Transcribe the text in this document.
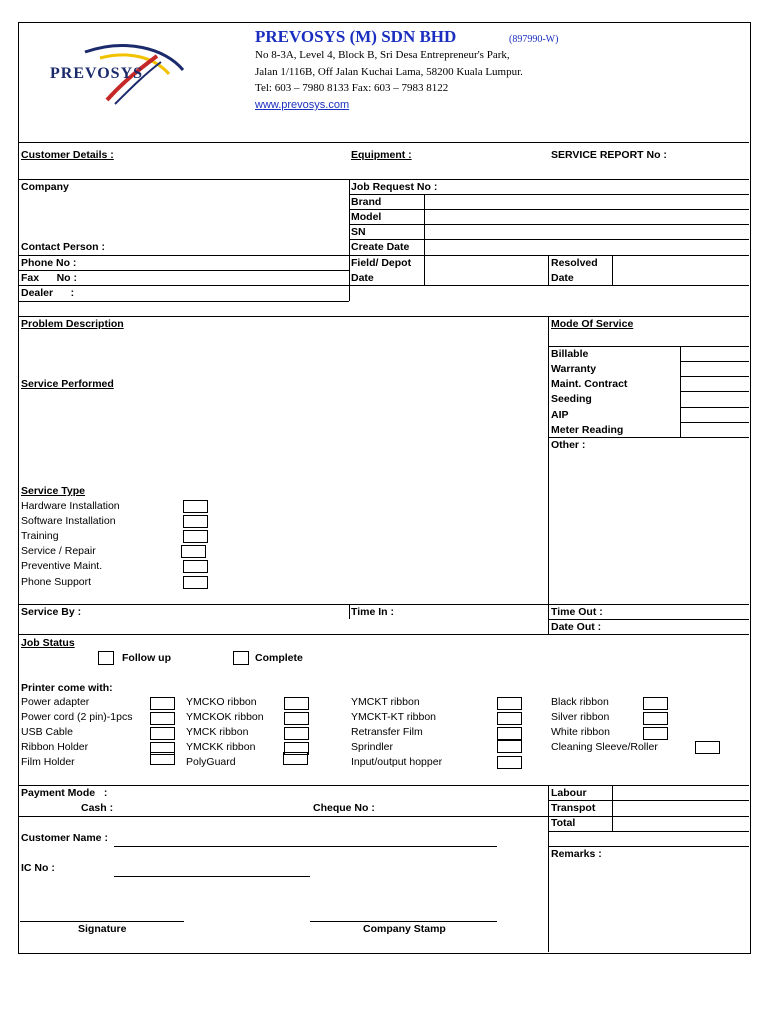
PREVOSYS
PREVOSYS (M) SDN BHD	(897990-W)
No 8-3A, Level 4, Block B, Sri Desa Entrepreneur's Park,
Jalan 1/116B, Off Jalan Kuchai Lama, 58200 Kuala Lumpur.
Tel: 603 – 7980 8133 Fax: 603 – 7983 8122
www.prevosys.com
Customer Details :	Equipment :	SERVICE REPORT No :
Company
Contact Person :
Phone No :
Fax      No :
Dealer      :
Job Request No :
Brand
Model
SN
Create Date
Field/ Depot
Date
Resolved
Date
Problem Description
Service Performed
Service Type
Hardware Installation
Software Installation
Training
Service / Repair
Preventive Maint.
Phone Support
Mode Of Service
Billable
Warranty
Maint. Contract
Seeding
AIP
Meter Reading
Other :
Service By :	Time In :	Time Out :
Date Out :
Job Status
Follow up	Complete
Printer come with:
Power adapter
Power cord (2 pin)-1pcs
USB Cable
Ribbon Holder
Film Holder
YMCKO ribbon
YMCKOK ribbon
YMCK ribbon
YMCKK ribbon
PolyGuard
YMCKT ribbon
YMCKT-KT ribbon
Retransfer Film
Sprindler
Input/output hopper
Black ribbon
Silver ribbon
White ribbon
Cleaning Sleeve/Roller
Payment Mode   :
Cash :	Cheque No :
Labour
Transpot
Total
Customer Name :
IC No :
Remarks :
Signature	Company Stamp
